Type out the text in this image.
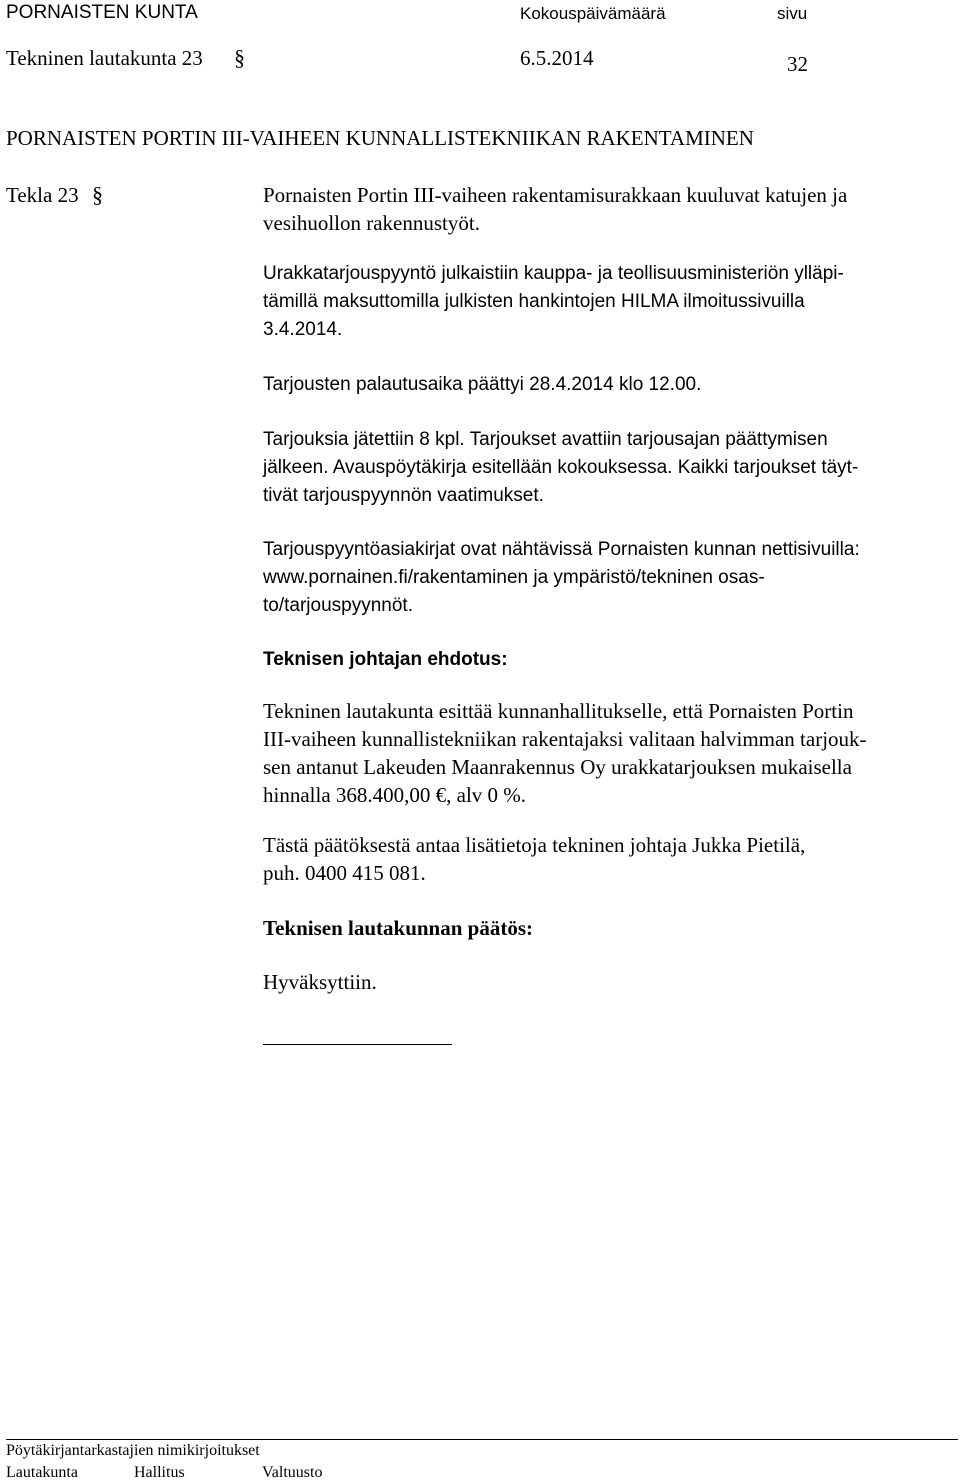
PORNAISTEN KUNTA	Kokouspäivämäärä	sivu
Tekninen lautakunta 23 §	6.5.2014	32
PORNAISTEN PORTIN III-VAIHEEN KUNNALLISTEKNIIKAN RAKENTAMINEN
Tekla 23 §	Pornaisten Portin III-vaiheen rakentamisurakkaan kuuluvat katujen ja
vesihuollon rakennustyöt.
Urakkatarjouspyyntö julkaistiin kauppa- ja teollisuusministeriön ylläpi-
tämillä maksuttomilla julkisten hankintojen HILMA ilmoitussivuilla
3.4.2014.
Tarjousten palautusaika päättyi 28.4.2014 klo 12.00.
Tarjouksia jätettiin 8 kpl. Tarjoukset avattiin tarjousajan päättymisen
jälkeen. Avauspöytäkirja esitellään kokouksessa. Kaikki tarjoukset täyt-
tivät tarjouspyynnön vaatimukset.
Tarjouspyyntöasiakirjat ovat nähtävissä Pornaisten kunnan nettisivuilla:
www.pornainen.fi/rakentaminen ja ympäristö/tekninen osas-
to/tarjouspyynnöt.
Teknisen johtajan ehdotus:
Tekninen lautakunta esittää kunnanhallitukselle, että Pornaisten Portin
III-vaiheen kunnallistekniikan rakentajaksi valitaan halvimman tarjouk-
sen antanut Lakeuden Maanrakennus Oy urakkatarjouksen mukaisella
hinnalla 368.400,00 €, alv 0 %.
Tästä päätöksestä antaa lisätietoja tekninen johtaja Jukka Pietilä,
puh. 0400 415 081.
Teknisen lautakunnan päätös:
Hyväksyttiin.
Pöytäkirjantarkastajien nimikirjoitukset
Lautakunta	Hallitus	Valtuusto
